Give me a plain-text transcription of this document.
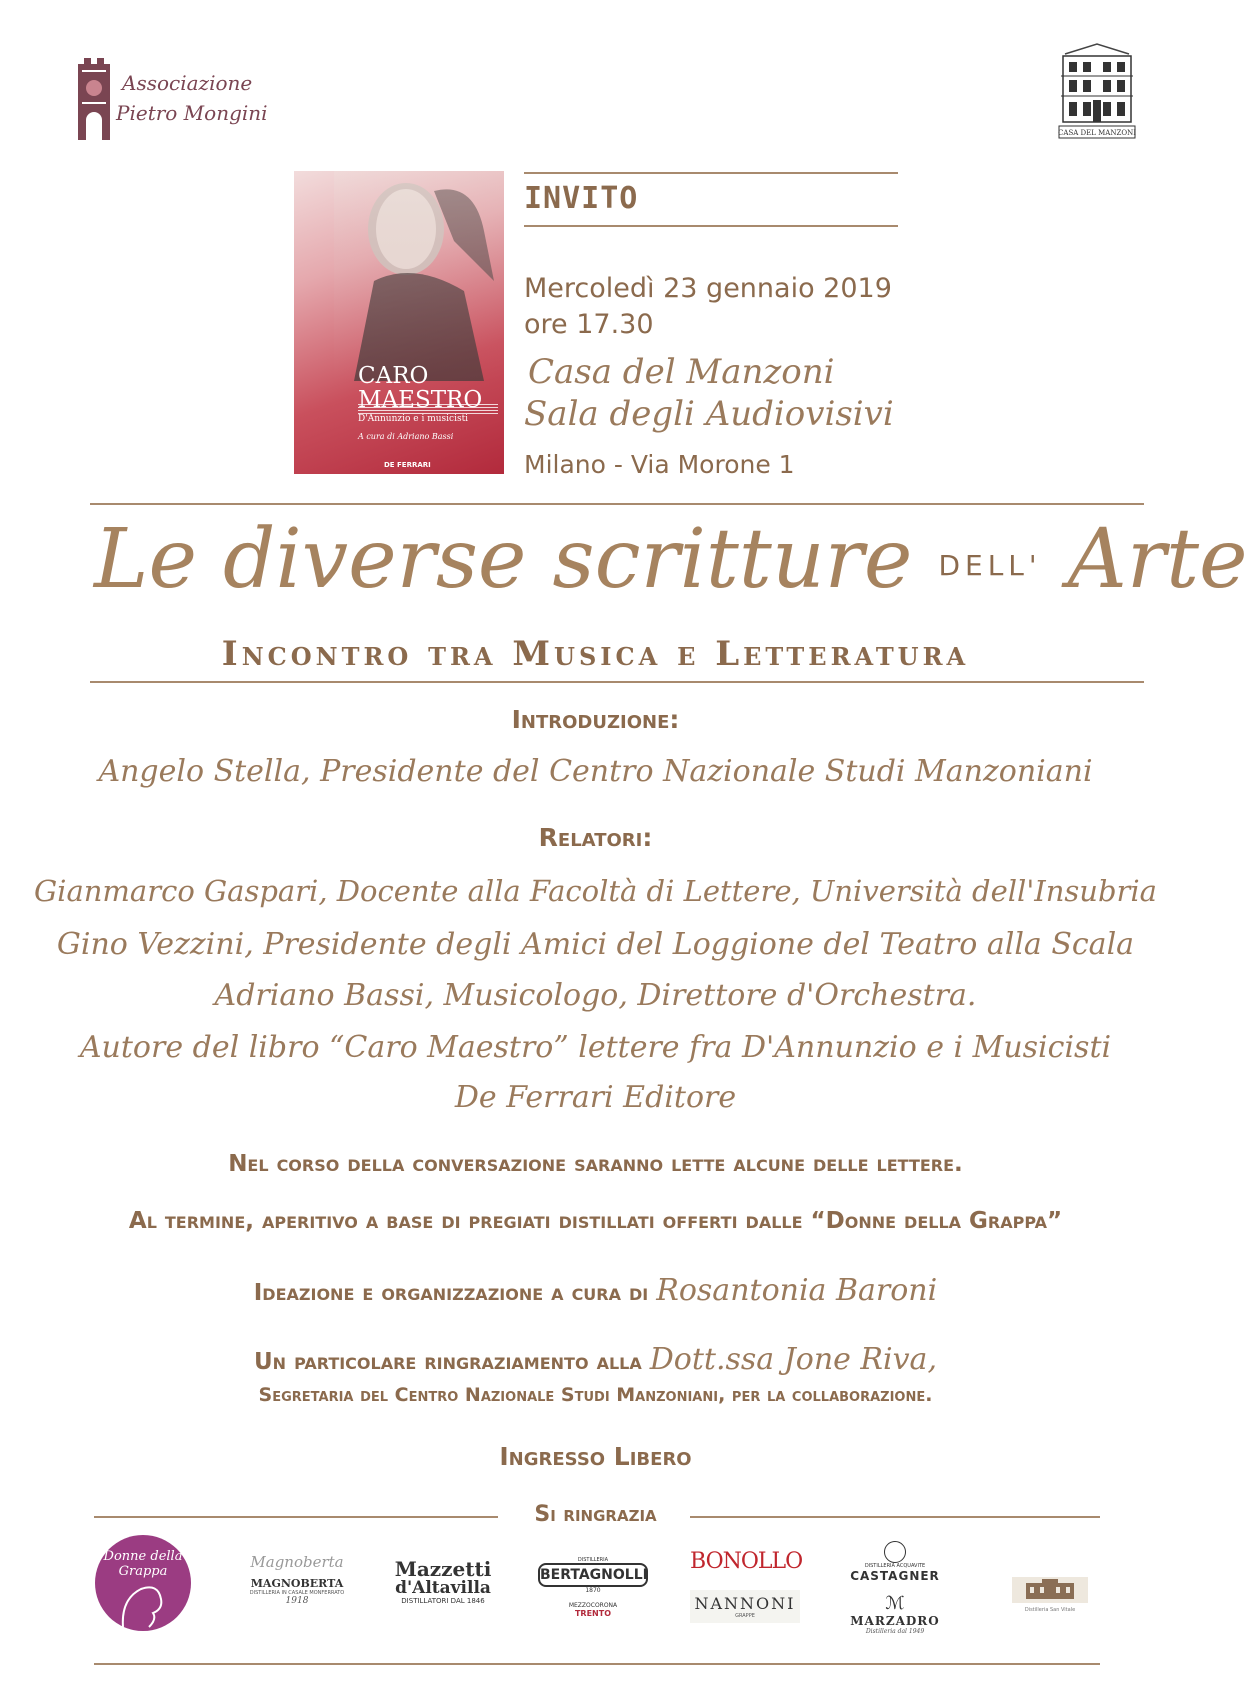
Associazione
Pietro Mongini
CASA DEL MANZONI
CARO
MAESTRO
D'Annunzio e i musicisti
A cura di Adriano Bassi
DE FERRARI
INVITO
Mercoledì 23 gennaio 2019
ore 17.30
Casa del Manzoni
Sala degli Audiovisivi
Milano - Via Morone 1
Le diverse scritture DELL' Arte
Incontro tra Musica e Letteratura
Introduzione:
Angelo Stella, Presidente del Centro Nazionale Studi Manzoniani
Relatori:
Gianmarco Gaspari, Docente alla Facoltà di Lettere, Università dell'Insubria
Gino Vezzini, Presidente degli Amici del Loggione del Teatro alla Scala
Adriano Bassi, Musicologo, Direttore d'Orchestra.
Autore del libro “Caro Maestro” lettere fra D'Annunzio e i Musicisti
De Ferrari Editore
Nel corso della conversazione saranno lette alcune delle lettere.
Al termine, aperitivo a base di pregiati distillati offerti dalle “Donne della Grappa”
Ideazione e organizzazione a cura di Rosantonia Baroni
Un particolare ringraziamento alla Dott.ssa Jone Riva,
Segretaria del Centro Nazionale Studi Manzoniani, per la collaborazione.
Ingresso Libero
Si ringrazia
Donne della Grappa
Magnoberta
MAGNOBERTA
DISTILLERIA IN CASALE MONFERRATO
1918
Mazzetti
d'Altavilla
DISTILLATORI DAL 1846
DISTILLERIA
BERTAGNOLLI
1870
MEZZOCORONA
TRENTO
BONOLLO
NANNONI
GRAPPE
DISTILLERIA ACQUAVITE
CASTAGNER
ℳ
MARZADRO
Distilleria dal 1949
Distilleria San Vitale
